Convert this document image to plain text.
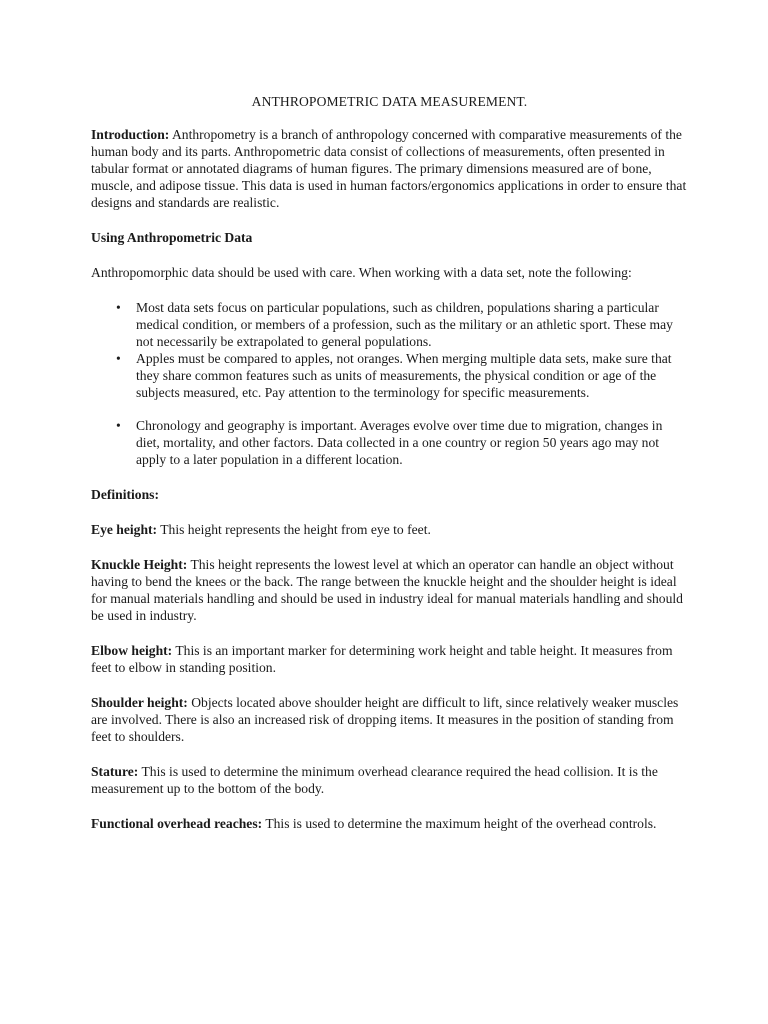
ANTHROPOMETRIC DATA MEASUREMENT.

Introduction: Anthropometry is a branch of anthropology concerned with comparative measurements of the human body and its parts. Anthropometric data consist of collections of measurements, often presented in tabular format or annotated diagrams of human figures. The primary dimensions measured are of bone, muscle, and adipose tissue. This data is used in human factors/ergonomics applications in order to ensure that designs and standards are realistic.

Using Anthropometric Data

Anthropomorphic data should be used with care. When working with a data set, note the following:

• Most data sets focus on particular populations, such as children, populations sharing a particular medical condition, or members of a profession, such as the military or an athletic sport. These may not necessarily be extrapolated to general populations.
• Apples must be compared to apples, not oranges. When merging multiple data sets, make sure that they share common features such as units of measurements, the physical condition or age of the subjects measured, etc. Pay attention to the terminology for specific measurements.
• Chronology and geography is important. Averages evolve over time due to migration, changes in diet, mortality, and other factors. Data collected in a one country or region 50 years ago may not apply to a later population in a different location.

Definitions:

Eye height: This height represents the height from eye to feet.

Knuckle Height: This height represents the lowest level at which an operator can handle an object without having to bend the knees or the back. The range between the knuckle height and the shoulder height is ideal for manual materials handling and should be used in industry ideal for manual materials handling and should be used in industry.

Elbow height: This is an important marker for determining work height and table height. It measures from feet to elbow in standing position.

Shoulder height: Objects located above shoulder height are difficult to lift, since relatively weaker muscles are involved. There is also an increased risk of dropping items. It measures in the position of standing from feet to shoulders.

Stature: This is used to determine the minimum overhead clearance required the head collision. It is the measurement up to the bottom of the body.

Functional overhead reaches: This is used to determine the maximum height of the overhead controls.
